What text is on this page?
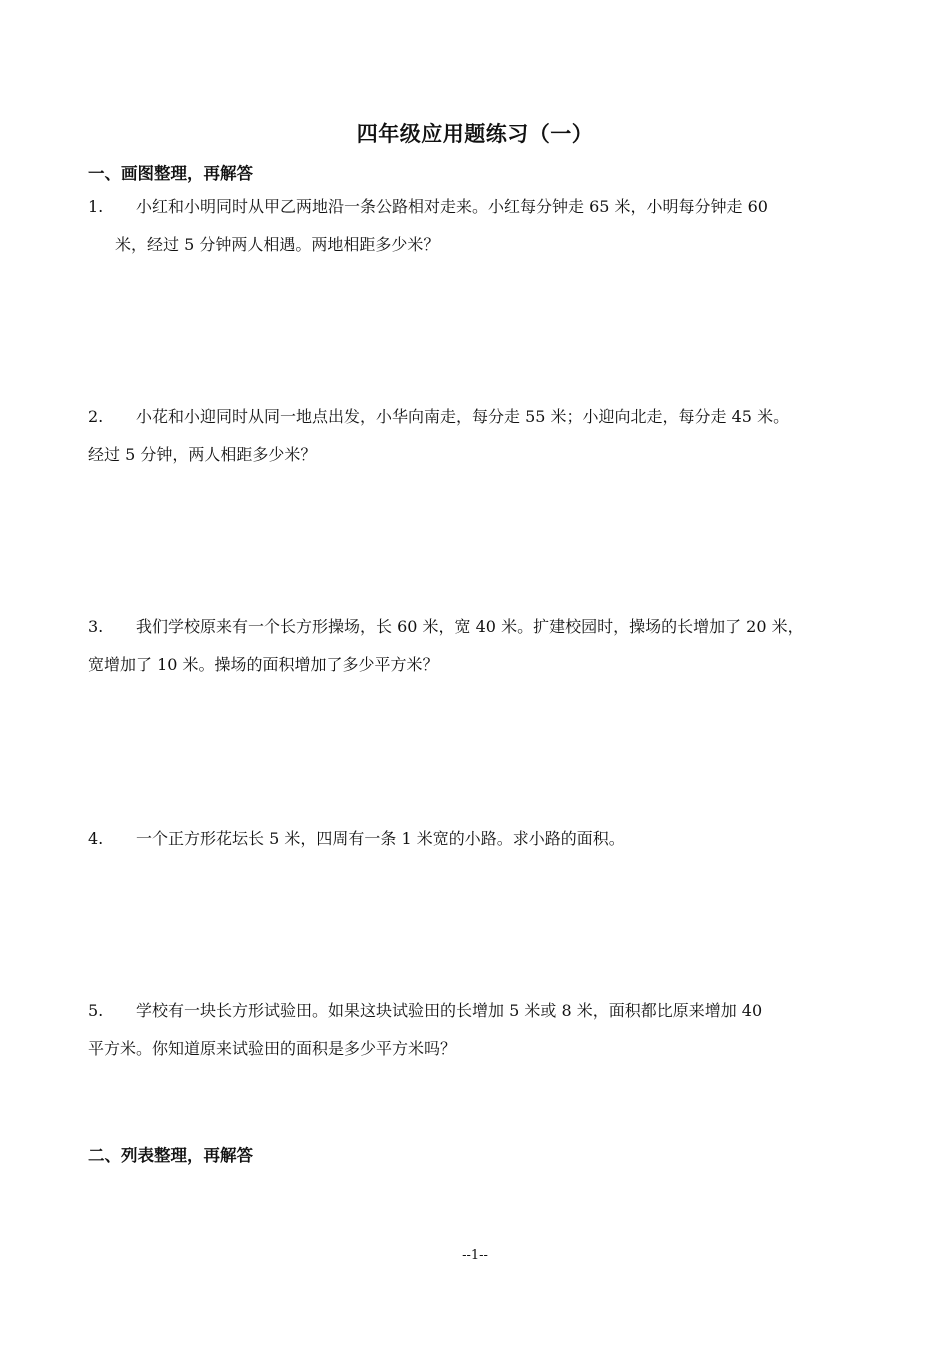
四年级应用题练习（一）
一、画图整理，再解答
1. 小红和小明同时从甲乙两地沿一条公路相对走来。小红每分钟走 65 米，小明每分钟走 60
米，经过 5 分钟两人相遇。两地相距多少米？
2. 小花和小迎同时从同一地点出发，小华向南走，每分走 55 米；小迎向北走，每分走 45 米。
经过 5 分钟，两人相距多少米？
3. 我们学校原来有一个长方形操场，长 60 米，宽 40 米。扩建校园时，操场的长增加了 20 米，
宽增加了 10 米。操场的面积增加了多少平方米？
4. 一个正方形花坛长 5 米，四周有一条 1 米宽的小路。求小路的面积。
5. 学校有一块长方形试验田。如果这块试验田的长增加 5 米或 8 米，面积都比原来增加 40
平方米。你知道原来试验田的面积是多少平方米吗？
二、列表整理，再解答
--1--
